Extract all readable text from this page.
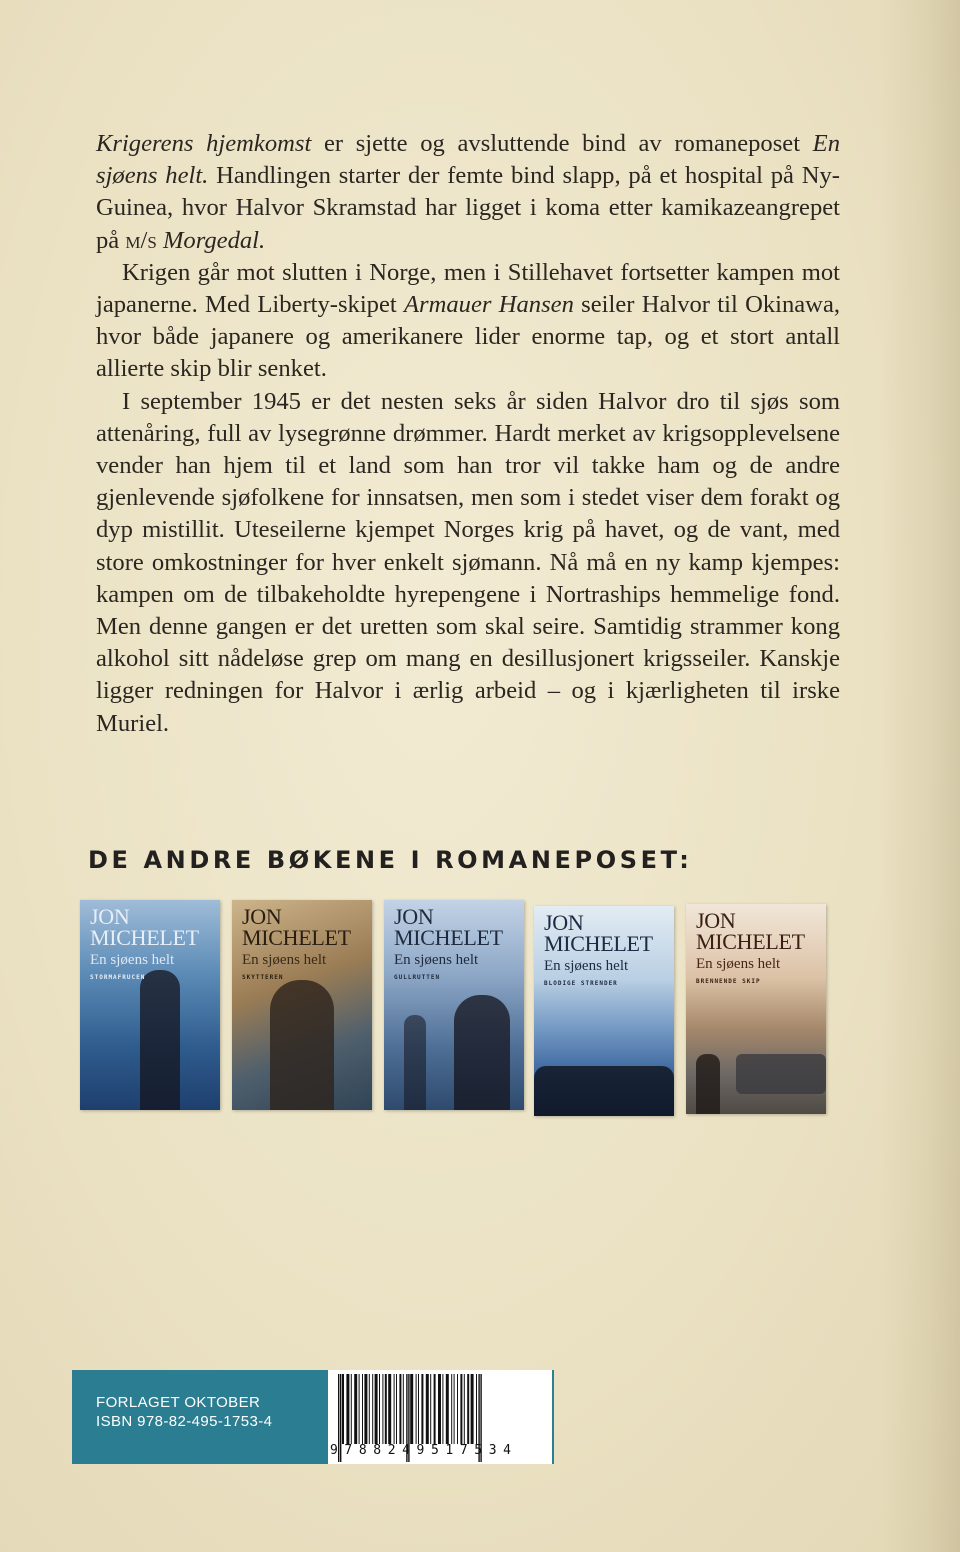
Krigerens hjemkomst er sjette og avsluttende bind av romaneposet En sjøens helt. Handlingen starter der femte bind slapp, på et hospital på Ny-Guinea, hvor Halvor Skramstad har ligget i koma etter kamikazeangrepet på m/s Morgedal.

Krigen går mot slutten i Norge, men i Stillehavet fortsetter kampen mot japanerne. Med Liberty-skipet Armauer Hansen seiler Halvor til Okinawa, hvor både japanere og amerikanere lider enorme tap, og et stort antall allierte skip blir senket.

I september 1945 er det nesten seks år siden Halvor dro til sjøs som attenåring, full av lysegrønne drømmer. Hardt merket av krigsopplevelsene vender han hjem til et land som han tror vil takke ham og de andre gjenlevende sjøfolkene for innsatsen, men som i stedet viser dem forakt og dyp mistillit. Uteseilerne kjempet Norges krig på havet, og de vant, med store omkostninger for hver enkelt sjømann. Nå må en ny kamp kjempes: kampen om de tilbakeholdte hyrepengene i Nortraships hemmelige fond. Men denne gangen er det uretten som skal seire. Samtidig strammer kong alkohol sitt nådeløse grep om mang en desillusjonert krigsseiler. Kanskje ligger redningen for Halvor i ærlig arbeid – og i kjærligheten til irske Muriel.

DE ANDRE BØKENE I ROMANEPOSET:
JON
MICHELET
En sjøens helt
STORMAFRUCEN
JON
MICHELET
En sjøens helt
SKYTTEREN
JON
MICHELET
En sjøens helt
GULLRUTTEN
JON
MICHELET
En sjøens helt
BLODIGE STRENDER
JON
MICHELET
En sjøens helt
BRENNENDE SKIP
FORLAGET OKTOBER
ISBN 978-82-495-1753-4
9788249517534
